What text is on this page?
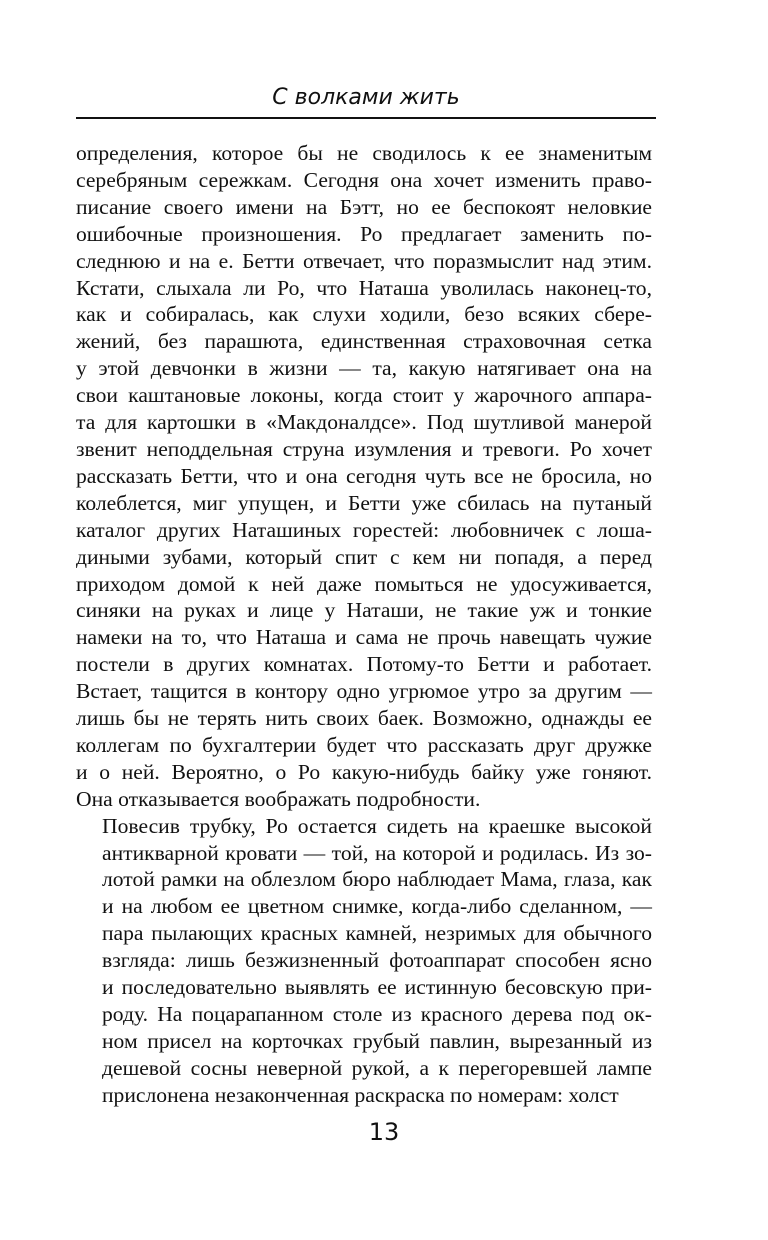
С волками жить

определения, которое бы не сводилось к ее знаменитым
серебряным сережкам. Сегодня она хочет изменить право-
писание своего имени на Бэтт, но ее беспокоят неловкие
ошибочные произношения. Ро предлагает заменить по-
следнюю и на е. Бетти отвечает, что поразмыслит над этим.
Кстати, слыхала ли Ро, что Наташа уволилась наконец-то,
как и собиралась, как слухи ходили, безо всяких сбере-
жений, без парашюта, единственная страховочная сетка
у этой девчонки в жизни — та, какую натягивает она на
свои каштановые локоны, когда стоит у жарочного аппара-
та для картошки в «Макдоналдсе». Под шутливой манерой
звенит неподдельная струна изумления и тревоги. Ро хочет
рассказать Бетти, что и она сегодня чуть все не бросила, но
колеблется, миг упущен, и Бетти уже сбилась на путаный
каталог других Наташиных горестей: любовничек с лоша-
диными зубами, который спит с кем ни попадя, а перед
приходом домой к ней даже помыться не удосуживается,
синяки на руках и лице у Наташи, не такие уж и тонкие
намеки на то, что Наташа и сама не прочь навещать чужие
постели в других комнатах. Потому-то Бетти и работает.
Встает, тащится в контору одно угрюмое утро за другим —
лишь бы не терять нить своих баек. Возможно, однажды ее
коллегам по бухгалтерии будет что рассказать друг дружке
и о ней. Вероятно, о Ро какую-нибудь байку уже гоняют.
Она отказывается воображать подробности.

Повесив трубку, Ро остается сидеть на краешке высокой
антикварной кровати — той, на которой и родилась. Из зо-
лотой рамки на облезлом бюро наблюдает Мама, глаза, как
и на любом ее цветном снимке, когда-либо сделанном, —
пара пылающих красных камней, незримых для обычного
взгляда: лишь безжизненный фотоаппарат способен ясно
и последовательно выявлять ее истинную бесовскую при-
роду. На поцарапанном столе из красного дерева под ок-
ном присел на корточках грубый павлин, вырезанный из
дешевой сосны неверной рукой, а к перегоревшей лампе
прислонена незаконченная раскраска по номерам: холст

13
